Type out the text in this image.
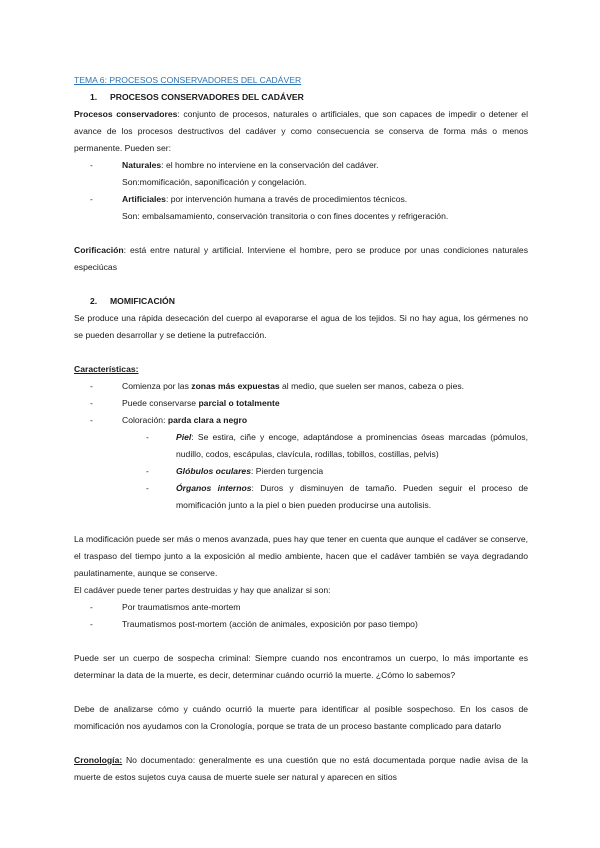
TEMA 6: PROCESOS CONSERVADORES DEL CADÁVER

1.	PROCESOS CONSERVADORES DEL CADÁVER

Procesos conservadores: conjunto de procesos, naturales o artificiales, que son capaces de impedir o detener el avance de los procesos destructivos del cadáver y como consecuencia se conserva de forma más o menos permanente. Pueden ser:

-	Naturales: el hombre no interviene en la conservación del cadáver.
Son:momificación, saponificación y congelación.
-	Artificiales: por intervención humana a través de procedimientos técnicos.
Son: embalsamamiento, conservación transitoria o con fines docentes y refrigeración.

Corificación: está entre natural y artificial. Interviene el hombre, pero se produce por unas condiciones naturales especiúcas

2.	MOMIFICACIÓN

Se produce una rápida desecación del cuerpo al evaporarse el agua de los tejidos. Si no hay agua, los gérmenes no se pueden desarrollar y se detiene la putrefacción.

Características:

-	Comienza por las zonas más expuestas al medio, que suelen ser manos, cabeza o pies.
-	Puede conservarse parcial o totalmente
-	Coloración: parda clara a negro
-	Piel: Se estira, ciñe y encoge, adaptándose a prominencias óseas marcadas (pómulos, nudillo, codos, escápulas, clavícula, rodillas, tobillos, costillas, pelvis)
-	Glóbulos oculares: Pierden turgencia
-	Órganos internos: Duros y disminuyen de tamaño. Pueden seguir el proceso de momificación junto a la piel o bien pueden producirse una autolisis.

La modificación puede ser más o menos avanzada, pues hay que tener en cuenta que aunque el cadáver se conserve, el traspaso del tiempo junto a la exposición al medio ambiente, hacen que el cadáver también se vaya degradando paulatinamente, aunque se conserve.

El cadáver puede tener partes destruidas y hay que analizar si son:

-	Por traumatismos ante-mortem
-	Traumatismos post-mortem (acción de animales, exposición por paso tiempo)

Puede ser un cuerpo de sospecha criminal: Siempre cuando nos encontramos un cuerpo, lo más importante es determinar la data de la muerte, es decir, determinar cuándo ocurrió la muerte. ¿Cómo lo sabemos?

Debe de analizarse cómo y cuándo ocurrió la muerte para identificar al posible sospechoso. En los casos de momificación nos ayudamos con la Cronología, porque se trata de un proceso bastante complicado para datarlo

Cronología: No documentado: generalmente es una cuestión que no está documentada porque nadie avisa de la muerte de estos sujetos cuya causa de muerte suele ser natural y aparecen en sitios
